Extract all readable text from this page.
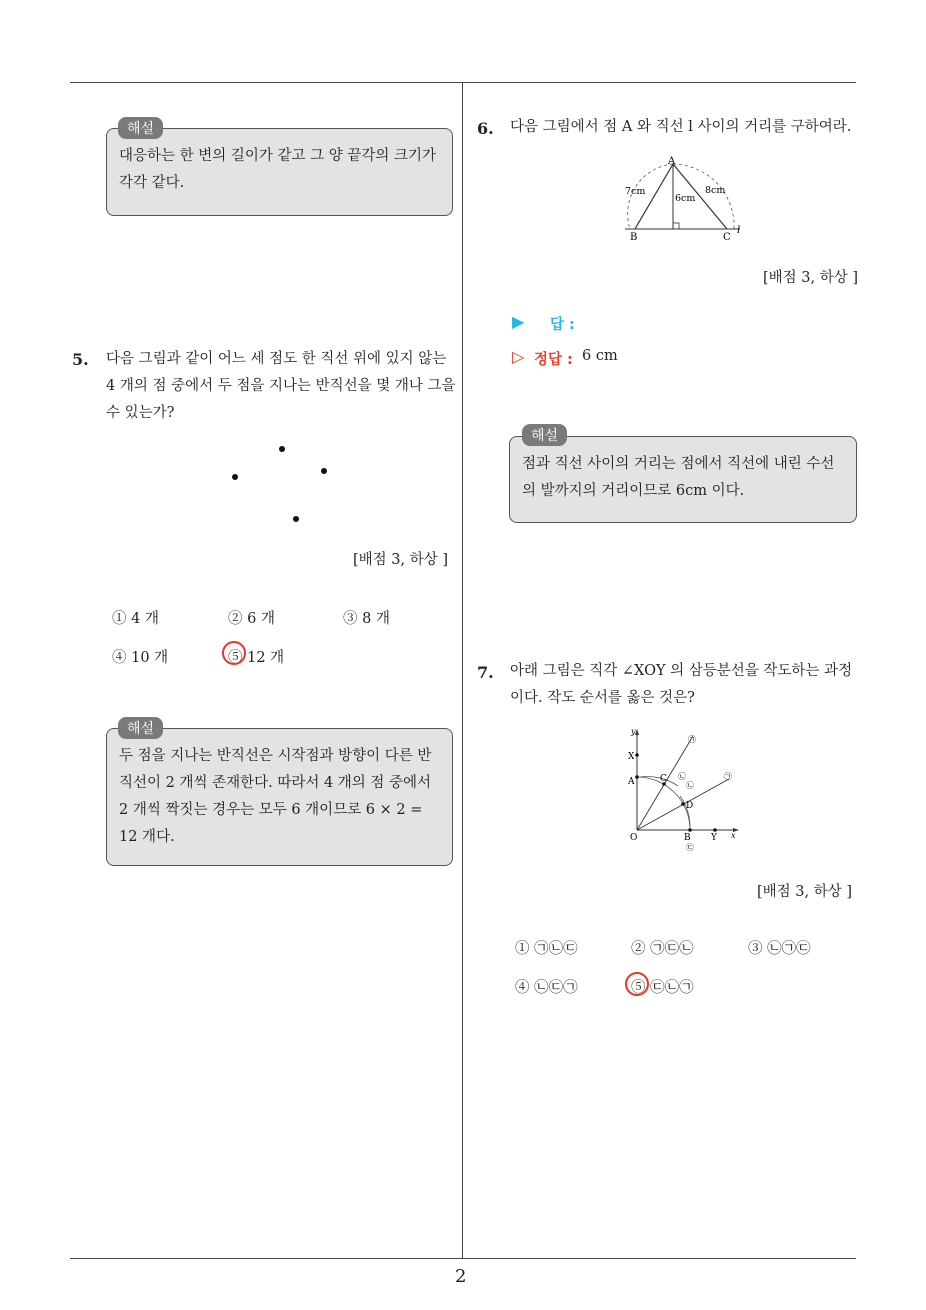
대응하는 한 변의 길이가 같고 그 양 끝각의 크기가 각각 같다.
해설
5. 다음 그림과 같이 어느 세 점도 한 직선 위에 있지 않는 4 개의 점 중에서 두 점을 지나는 반직선을 몇 개나 그을 수 있는가?
[배점 3, 하상 ]
① 4 개	② 6 개	③ 8 개
④ 10 개	⑤ 12 개
두 점을 지나는 반직선은 시작점과 방향이 다른 반직선이 2 개씩 존재한다. 따라서 4 개의 점 중에서 2 개씩 짝짓는 경우는 모두 6 개이므로 6 × 2 = 12 개다.
해설
6. 다음 그림에서 점 A 와 직선 l 사이의 거리를 구하여라.
A
B	C
l
7cm
6cm
8cm
[배점 3, 하상 ]
▶ 답 :
▷ 정답 : 6 cm
점과 직선 사이의 거리는 점에서 직선에 내린 수선의 발까지의 거리이므로 6cm 이다.
해설
7. 아래 그림은 직각 ∠XOY 의 삼등분선을 작도하는 과정이다. 작도 순서를 옳은 것은?
y
x
X
A
O	B Y
C
D
㉠
㉠
㉡
㉡
㉢
[배점 3, 하상 ]
① ㉠㉡㉢	② ㉠㉢㉡	③ ㉡㉠㉢
④ ㉡㉢㉠	⑤ ㉢㉡㉠
2
